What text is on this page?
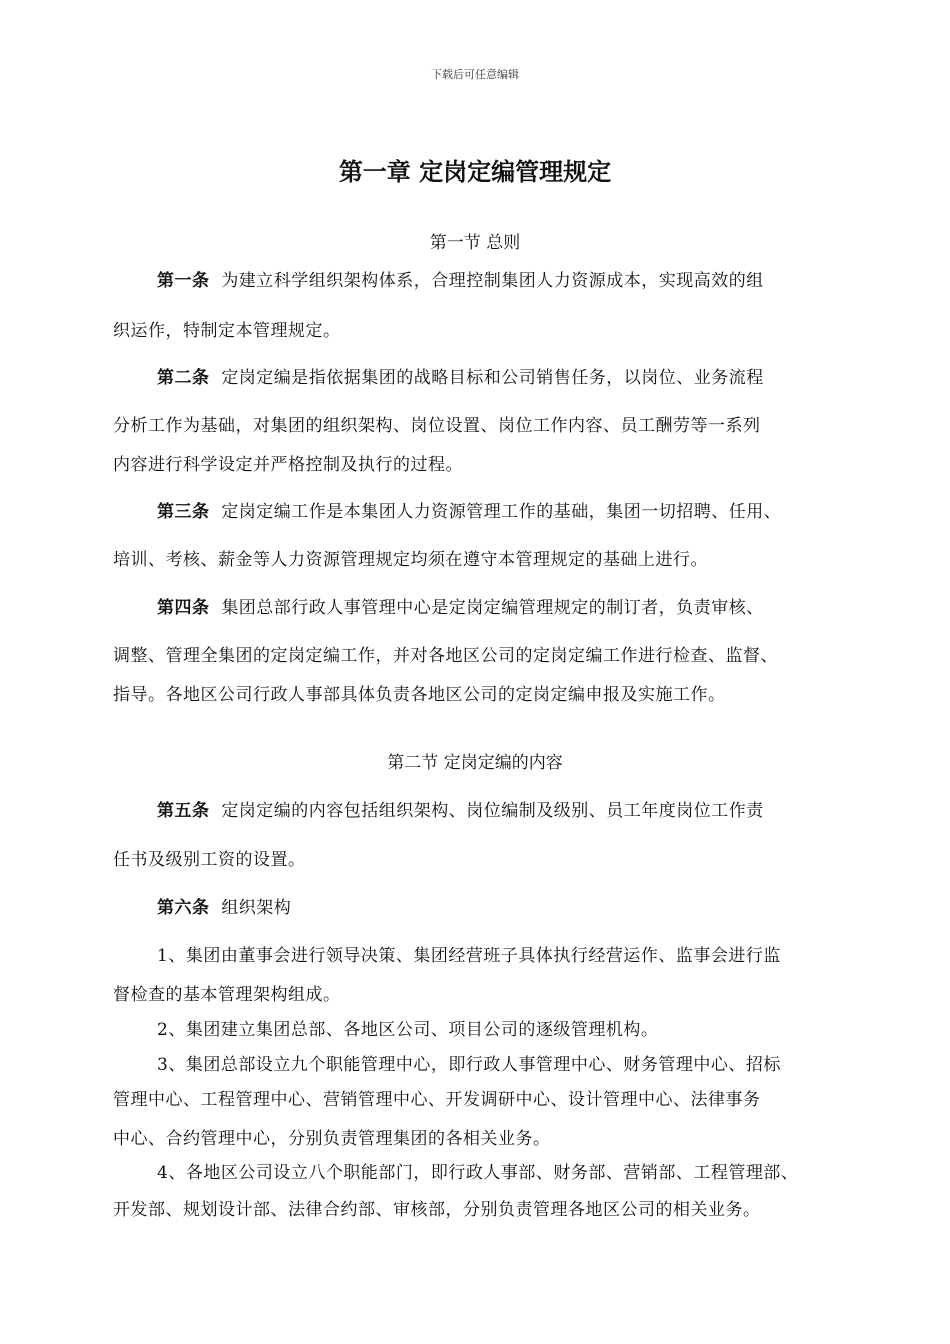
下载后可任意编辑
第一章 定岗定编管理规定
第一节 总则
第一条 为建立科学组织架构体系，合理控制集团人力资源成本，实现高效的组
织运作，特制定本管理规定。
第二条 定岗定编是指依据集团的战略目标和公司销售任务，以岗位、业务流程
分析工作为基础，对集团的组织架构、岗位设置、岗位工作内容、员工酬劳等一系列
内容进行科学设定并严格控制及执行的过程。
第三条 定岗定编工作是本集团人力资源管理工作的基础，集团一切招聘、任用、
培训、考核、薪金等人力资源管理规定均须在遵守本管理规定的基础上进行。
第四条 集团总部行政人事管理中心是定岗定编管理规定的制订者，负责审核、
调整、管理全集团的定岗定编工作，并对各地区公司的定岗定编工作进行检查、监督、
指导。各地区公司行政人事部具体负责各地区公司的定岗定编申报及实施工作。
第二节 定岗定编的内容
第五条 定岗定编的内容包括组织架构、岗位编制及级别、员工年度岗位工作责
任书及级别工资的设置。
第六条 组织架构
1、集团由董事会进行领导决策、集团经营班子具体执行经营运作、监事会进行监
督检查的基本管理架构组成。
2、集团建立集团总部、各地区公司、项目公司的逐级管理机构。
3、集团总部设立九个职能管理中心，即行政人事管理中心、财务管理中心、招标
管理中心、工程管理中心、营销管理中心、开发调研中心、设计管理中心、法律事务
中心、合约管理中心，分别负责管理集团的各相关业务。
4、各地区公司设立八个职能部门，即行政人事部、财务部、营销部、工程管理部、
开发部、规划设计部、法律合约部、审核部，分别负责管理各地区公司的相关业务。
